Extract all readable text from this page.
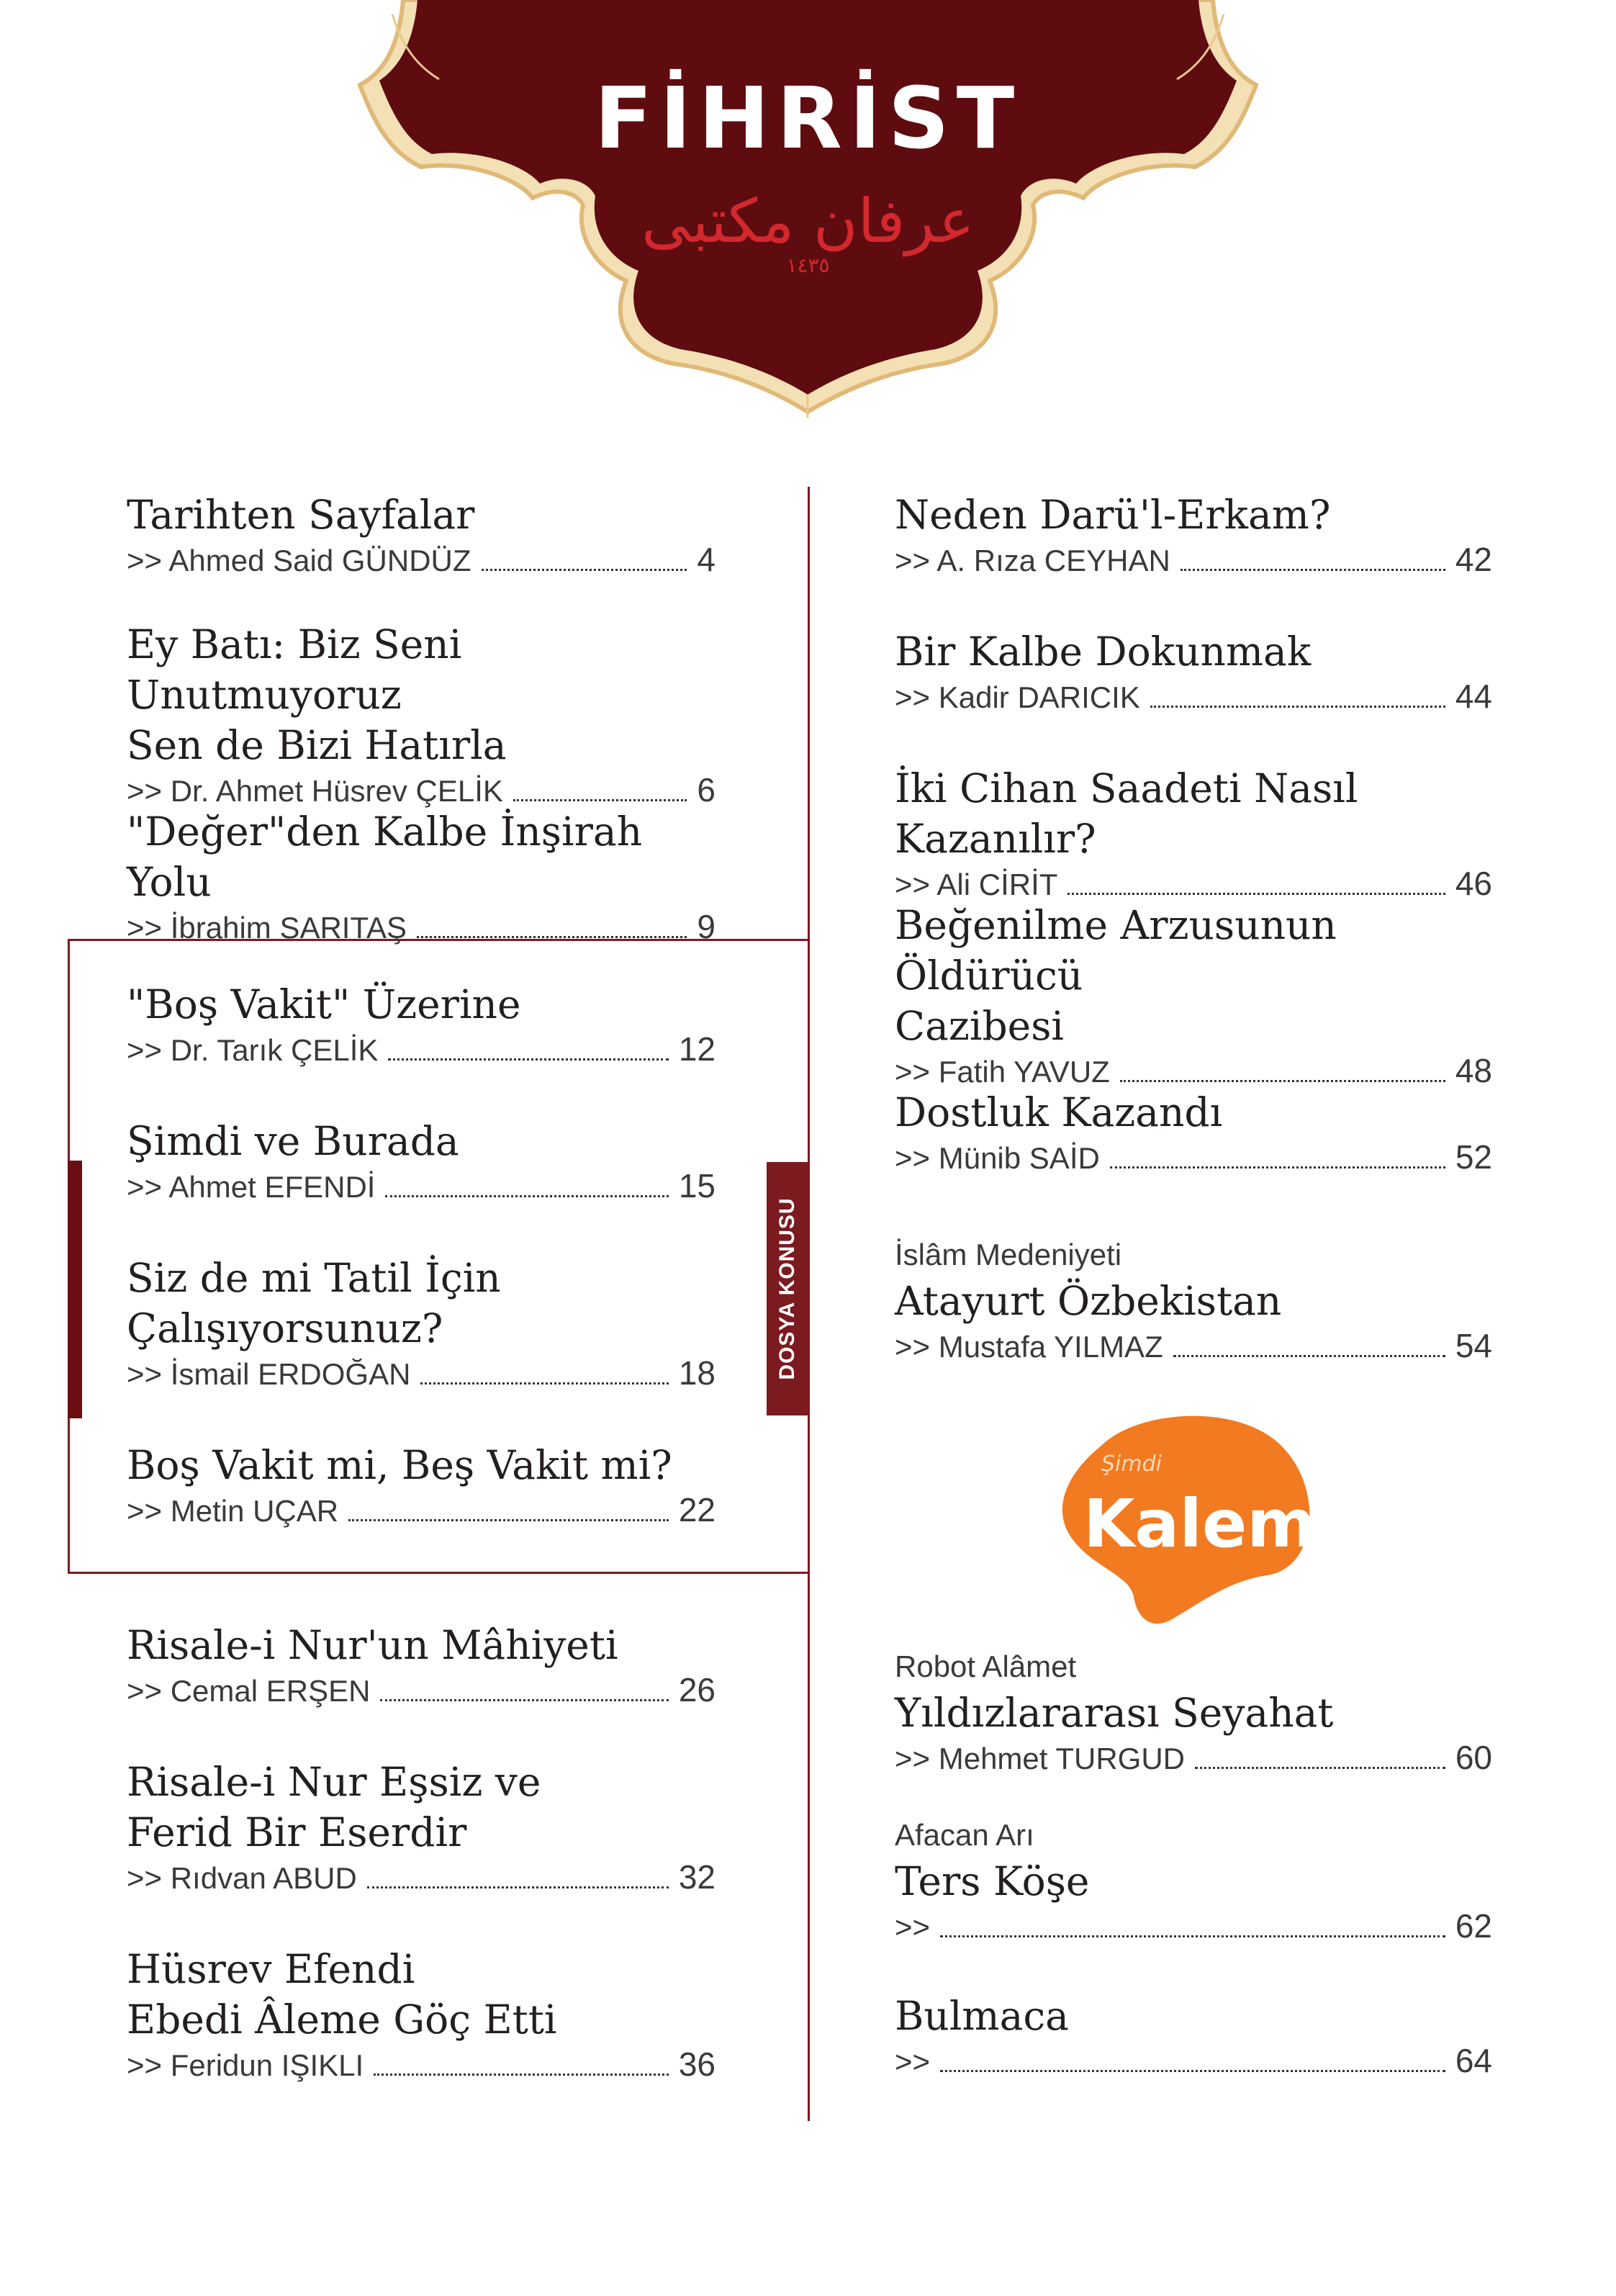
FİHRİST
عرفان مكتبى
١٤٣٥
DOSYA KONUSU
Tarihten Sayfalar
>> Ahmed Said GÜNDÜZ	4
Ey Batı: Biz Seni Unutmuyoruz
Sen de Bizi Hatırla
>> Dr. Ahmet Hüsrev ÇELİK	6
"Değer"den Kalbe İnşirah Yolu
>> İbrahim SARITAŞ	9
"Boş Vakit" Üzerine
>> Dr. Tarık ÇELİK	12
Şimdi ve Burada
>> Ahmet EFENDİ	15
Siz de mi Tatil İçin
Çalışıyorsunuz?
>> İsmail ERDOĞAN	18
Boş Vakit mi, Beş Vakit mi?
>> Metin UÇAR	22
Risale-i Nur'un Mâhiyeti
>> Cemal ERŞEN	26
Risale-i Nur Eşsiz ve
Ferid Bir Eserdir
>> Rıdvan ABUD	32
Hüsrev Efendi
Ebedi Âleme Göç Etti
>> Feridun IŞIKLI	36
Neden Darü'l-Erkam?
>> A. Rıza CEYHAN	42
Bir Kalbe Dokunmak
>> Kadir DARICIK	44
İki Cihan Saadeti Nasıl Kazanılır?
>> Ali CİRİT	46
Beğenilme Arzusunun Öldürücü
Cazibesi
>> Fatih YAVUZ	48
Dostluk Kazandı
>> Münib SAİD	52
İslâm Medeniyeti
Atayurt Özbekistan
>> Mustafa YILMAZ	54
Şimdi
Kalem
Robot Alâmet
Yıldızlararası Seyahat
>> Mehmet TURGUD	60
Afacan Arı
Ters Köşe
>>	62
Bulmaca
>>	64
